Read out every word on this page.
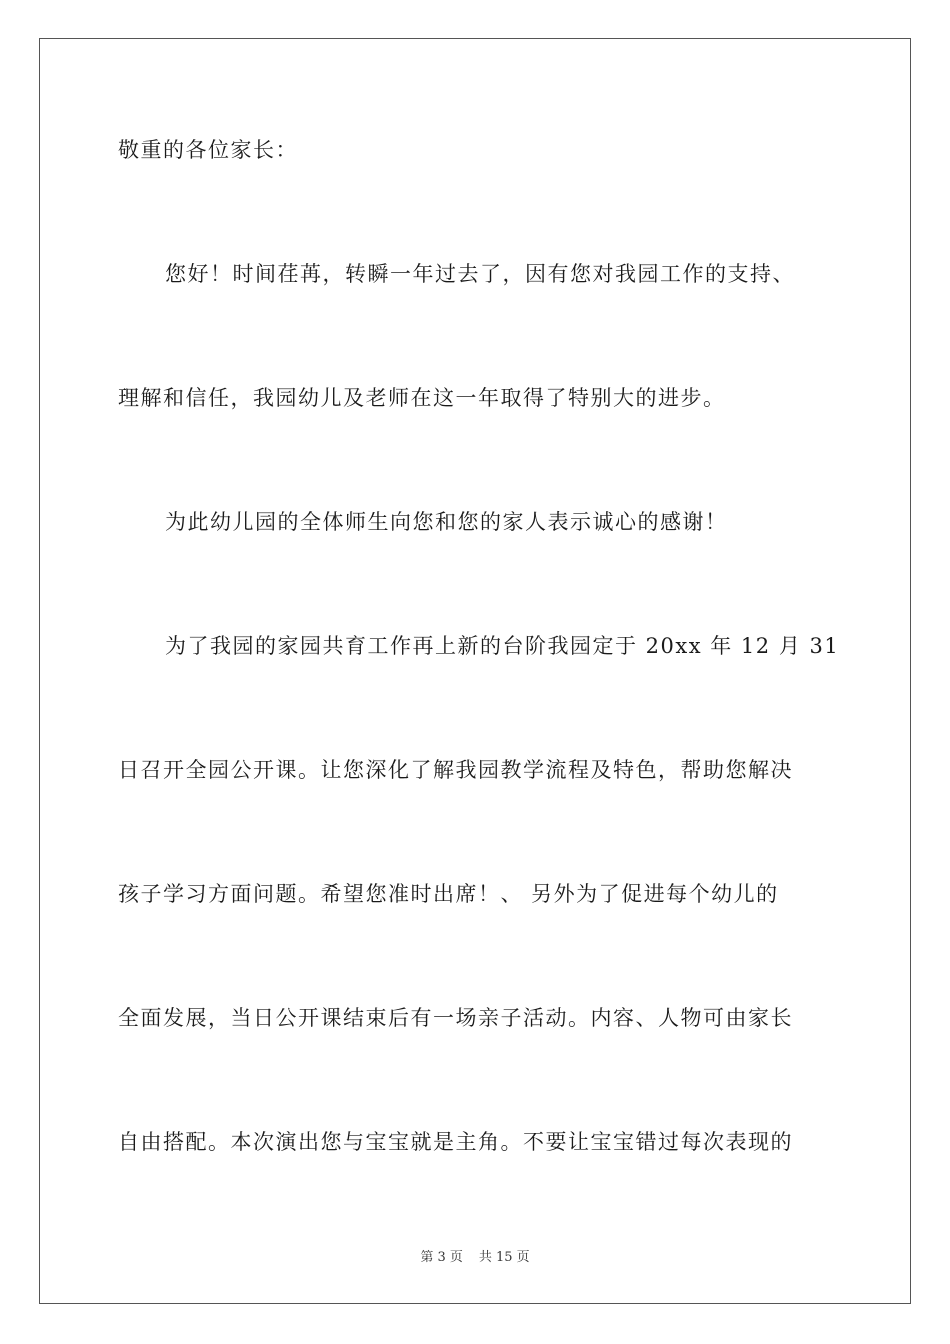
敬重的各位家长：
您好！时间荏苒，转瞬一年过去了，因有您对我园工作的支持、
理解和信任，我园幼儿及老师在这一年取得了特别大的进步。
为此幼儿园的全体师生向您和您的家人表示诚心的感谢！
为了我园的家园共育工作再上新的台阶我园定于 20xx 年 12 月 31
日召开全园公开课。让您深化了解我园教学流程及特色，帮助您解决
孩子学习方面问题。希望您准时出席！、 另外为了促进每个幼儿的
全面发展，当日公开课结束后有一场亲子活动。内容、人物可由家长
自由搭配。本次演出您与宝宝就是主角。不要让宝宝错过每次表现的
第 3 页 共 15 页
